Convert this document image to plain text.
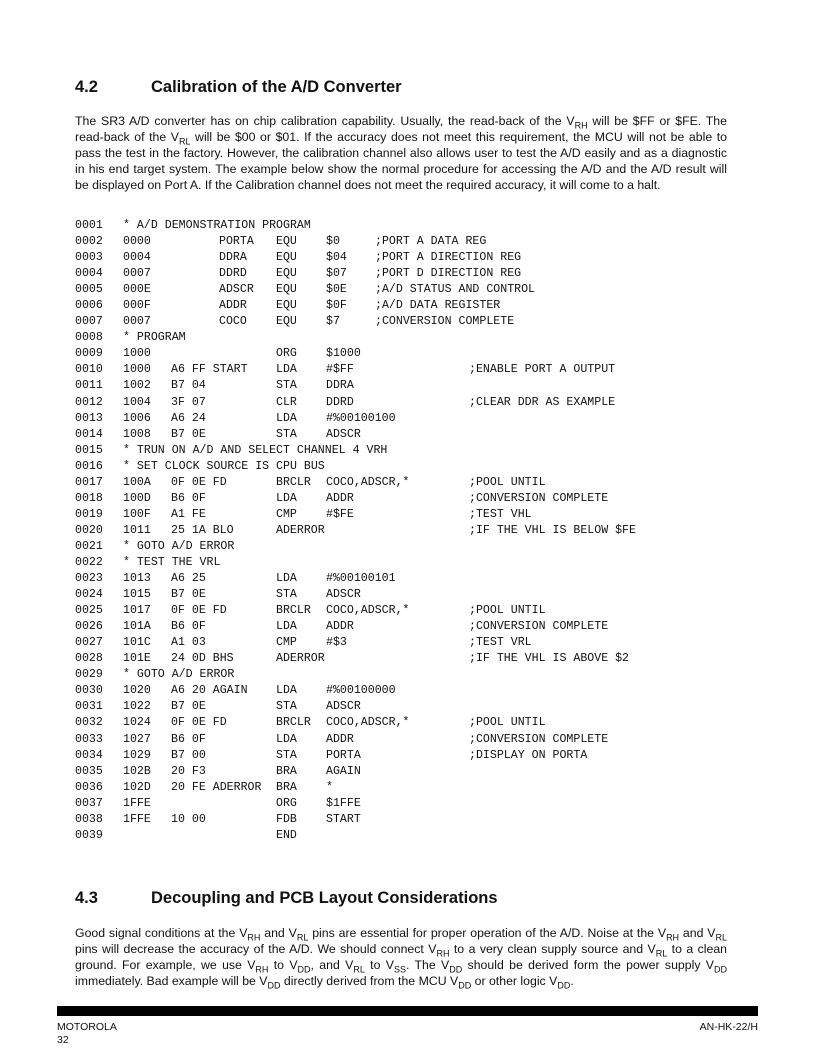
4.2	Calibration of the A/D Converter
The SR3 A/D converter has on chip calibration capability. Usually, the read-back of the $V_{RH}$ will be $FF or $FE. The read-back of the $V_{RL}$ will be $00 or $01. If the accuracy does not meet this requirement, the MCU will not be able to pass the test in the factory. However, the calibration channel also allows user to test the A/D easily and as a diagnostic in his end target system. The example below show the normal procedure for accessing the A/D and the A/D result will be displayed on Port A. If the Calibration channel does not meet the required accuracy, it will come to a halt.
0001 * A/D DEMONSTRATION PROGRAM
0002 0000	PORTA EQU	$0	;PORT A DATA REG
0003 0004	DDRA	EQU	$04 ;PORT A DIRECTION REG
0004 0007	DDRD	EQU	$07 ;PORT D DIRECTION REG
0005 000E	ADSCR EQU	$0E ;A/D STATUS AND CONTROL
0006 000F	ADDR	EQU	$0F ;A/D DATA REGISTER
0007 0007	COCO	EQU	$7	;CONVERSION COMPLETE
0008 * PROGRAM
0009 1000	ORG	$1000
0010 1000 A6 FF START LDA	#$FF	;ENABLE PORT A OUTPUT
0011 1002 B7 04	STA	DDRA
0012 1004 3F 07	CLR	DDRD	;CLEAR DDR AS EXAMPLE
0013 1006 A6 24	LDA	#%00100100
0014 1008 B7 0E	STA	ADSCR
0015 * TRUN ON A/D AND SELECT CHANNEL 4 VRH
0016 * SET CLOCK SOURCE IS CPU BUS
0017 100A 0F 0E FD	BRCLR COCO,ADSCR,*	;POOL UNTIL
0018 100D B6 0F	LDA	ADDR	;CONVERSION COMPLETE
0019 100F A1 FE	CMP	#$FE	;TEST VHL
0020 1011 25 1A BLO	ADERROR	;IF THE VHL IS BELOW $FE
0021 * GOTO A/D ERROR
0022 * TEST THE VRL
0023 1013 A6 25	LDA	#%00100101
0024 1015 B7 0E	STA	ADSCR
0025 1017 0F 0E FD	BRCLR COCO,ADSCR,*	;POOL UNTIL
0026 101A B6 0F	LDA	ADDR	;CONVERSION COMPLETE
0027 101C A1 03	CMP	#$3	;TEST VRL
0028 101E 24 0D BHS	ADERROR	;IF THE VHL IS ABOVE $2
0029 * GOTO A/D ERROR
0030 1020 A6 20 AGAIN LDA	#%00100000
0031 1022 B7 0E	STA	ADSCR
0032 1024 0F 0E FD	BRCLR COCO,ADSCR,*	;POOL UNTIL
0033 1027 B6 0F	LDA	ADDR	;CONVERSION COMPLETE
0034 1029 B7 00	STA	PORTA	;DISPLAY ON PORTA
0035 102B 20 F3	BRA	AGAIN
0036 102D 20 FE ADERROR BRA	*
0037 1FFE	ORG	$1FFE
0038 1FFE 10 00	FDB	START
0039	END
4.3	Decoupling and PCB Layout Considerations
Good signal conditions at the $V_{RH}$ and $V_{RL}$ pins are essential for proper operation of the A/D. Noise at the $V_{RH}$ and $V_{RL}$ pins will decrease the accuracy of the A/D. We should connect $V_{RH}$ to a very clean supply source and $V_{RL}$ to a clean ground. For example, we use $V_{RH}$ to $V_{DD}$, and $V_{RL}$ to $V_{SS}$. The $V_{DD}$ should be derived form the power supply $V_{DD}$ immediately. Bad example will be $V_{DD}$ directly derived from the MCU $V_{DD}$ or other logic $V_{DD}$.
MOTOROLA
32
AN-HK-22/H
